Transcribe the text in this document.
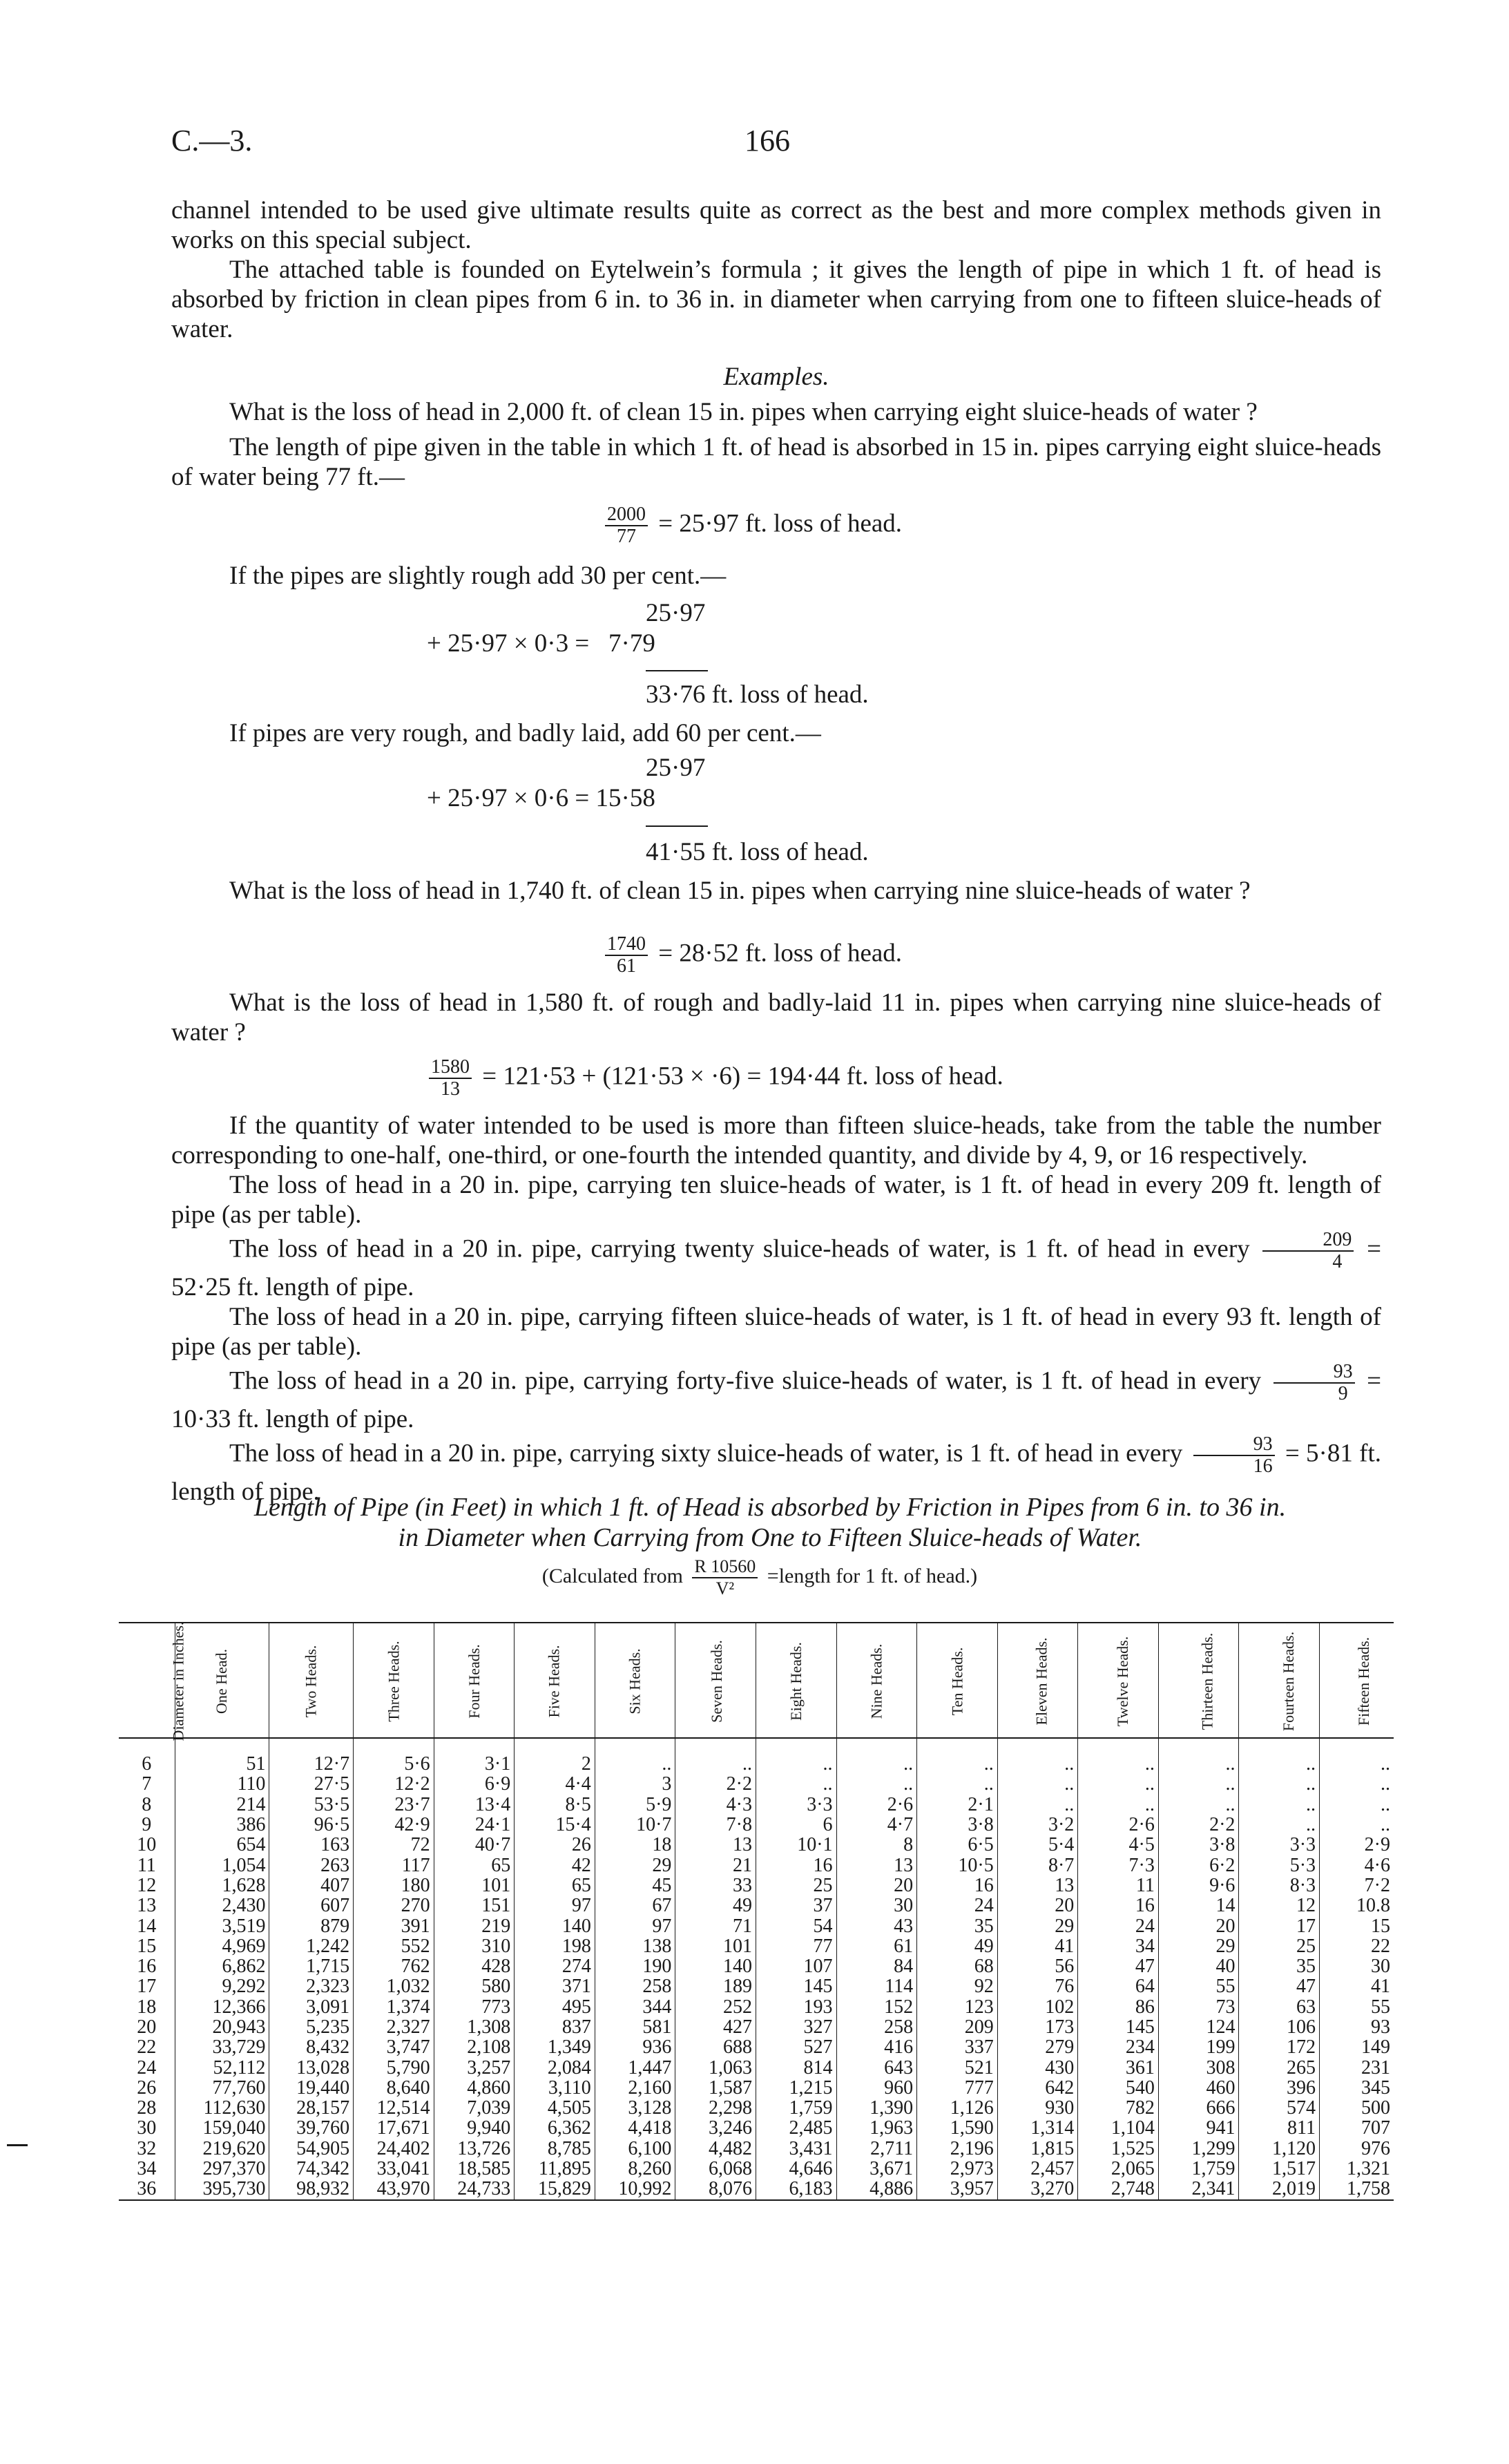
C.—3.	166

channel intended to be used give ultimate results quite as correct as the best and more complex methods given in works on this special subject.

The attached table is founded on Eytelwein’s formula ; it gives the length of pipe in which 1 ft. of head is absorbed by friction in clean pipes from 6 in. to 36 in. in diameter when carrying from one to fifteen sluice-heads of water.

Examples.

What is the loss of head in 2,000 ft. of clean 15 in. pipes when carrying eight sluice-heads of water ?

The length of pipe given in the table in which 1 ft. of head is absorbed in 15 in. pipes carrying eight sluice-heads of water being 77 ft.—

$\frac{2000}{77} = 25\cdot 97$ ft. loss of head.

If the pipes are slightly rough add 30 per cent.—

25·97
+ 25·97 × 0·3 = 7·79
33·76 ft. loss of head.

If pipes are very rough, and badly laid, add 60 per cent.—

25·97
+ 25·97 × 0·6 = 15·58
41·55 ft. loss of head.

What is the loss of head in 1,740 ft. of clean 15 in. pipes when carrying nine sluice-heads of water ?

$\frac{1740}{61} = 28\cdot 52$ ft. loss of head.

What is the loss of head in 1,580 ft. of rough and badly-laid 11 in. pipes when carrying nine sluice-heads of water ?

$\frac{1580}{13} = 121\cdot 53 + (121\cdot 53 \times \cdot 6) = 194\cdot 44$ ft. loss of head.

If the quantity of water intended to be used is more than fifteen sluice-heads, take from the table the number corresponding to one-half, one-third, or one-fourth the intended quantity, and divide by 4, 9, or 16 respectively.

The loss of head in a 20 in. pipe, carrying ten sluice-heads of water, is 1 ft. of head in every 209 ft. length of pipe (as per table).

The loss of head in a 20 in. pipe, carrying twenty sluice-heads of water, is 1 ft. of head in every $\frac{209}{4} = 52\cdot 25$ ft. length of pipe.

The loss of head in a 20 in. pipe, carrying fifteen sluice-heads of water, is 1 ft. of head in every 93 ft. length of pipe (as per table).

The loss of head in a 20 in. pipe, carrying forty-five sluice-heads of water, is 1 ft. of head in every $\frac{93}{9} = 10\cdot 33$ ft. length of pipe.

The loss of head in a 20 in. pipe, carrying sixty sluice-heads of water, is 1 ft. of head in every $\frac{93}{16} = 5\cdot 81$ ft. length of pipe.

Length of Pipe (in Feet) in which 1 ft. of Head is absorbed by Friction in Pipes from 6 in. to 36 in.
in Diameter when Carrying from One to Fifteen Sluice-heads of Water.
(Calculated from $\frac{R 10560}{\text{V²}}$ =length for 1 ft. of head.)
Diameter in Inches.	One Head.	Two Heads.	Three Heads.	Four Heads.	Five Heads.	Six Heads.	Seven Heads.	Eight Heads.	Nine Heads.	Ten Heads.	Eleven Heads.	Twelve Heads.	Thirteen Heads.	Fourteen Heads.	Fifteen Heads.

6	51	12·7	5·6	3·1	2	..	..	..	..	..	..	..	..	..	..
7	110	27·5	12·2	6·9	4·4	3	2·2	..	..	..	..	..	..	..	..
8	214	53·5	23·7	13·4	8·5	5·9	4·3	3·3	2·6	2·1	..	..	..	..	..
9	386	96·5	42·9	24·1	15·4	10·7	7·8	6	4·7	3·8	3·2	2·6	2·2	..	..
10	654	163	72	40·7	26	18	13	10·1	8	6·5	5·4	4·5	3·8	3·3	2·9
11	1,054	263	117	65	42	29	21	16	13	10·5	8·7	7·3	6·2	5·3	4·6
12	1,628	407	180	101	65	45	33	25	20	16	13	11	9·6	8·3	7·2
13	2,430	607	270	151	97	67	49	37	30	24	20	16	14	12	10.8
14	3,519	879	391	219	140	97	71	54	43	35	29	24	20	17	15
15	4,969	1,242	552	310	198	138	101	77	61	49	41	34	29	25	22
16	6,862	1,715	762	428	274	190	140	107	84	68	56	47	40	35	30
17	9,292	2,323	1,032	580	371	258	189	145	114	92	76	64	55	47	41
18	12,366	3,091	1,374	773	495	344	252	193	152	123	102	86	73	63	55
20	20,943	5,235	2,327	1,308	837	581	427	327	258	209	173	145	124	106	93
22	33,729	8,432	3,747	2,108	1,349	936	688	527	416	337	279	234	199	172	149
24	52,112	13,028	5,790	3,257	2,084	1,447	1,063	814	643	521	430	361	308	265	231
26	77,760	19,440	8,640	4,860	3,110	2,160	1,587	1,215	960	777	642	540	460	396	345
28	112,630	28,157	12,514	7,039	4,505	3,128	2,298	1,759	1,390	1,126	930	782	666	574	500
30	159,040	39,760	17,671	9,940	6,362	4,418	3,246	2,485	1,963	1,590	1,314	1,104	941	811	707
32	219,620	54,905	24,402	13,726	8,785	6,100	4,482	3,431	2,711	2,196	1,815	1,525	1,299	1,120	976
34	297,370	74,342	33,041	18,585	11,895	8,260	6,068	4,646	3,671	2,973	2,457	2,065	1,759	1,517	1,321
36	395,730	98,932	43,970	24,733	15,829	10,992	8,076	6,183	4,886	3,957	3,270	2,748	2,341	2,019	1,758
